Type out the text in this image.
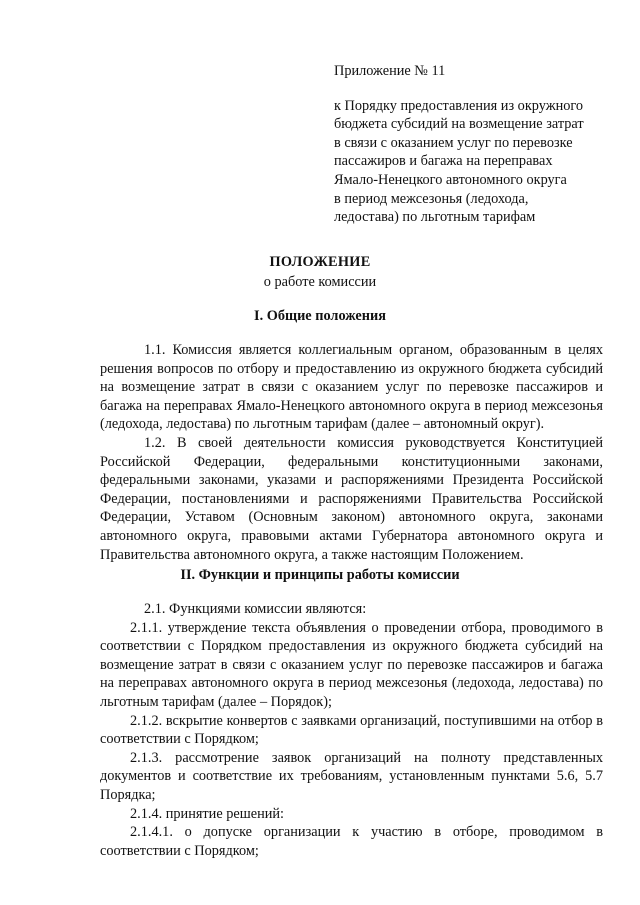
Приложение № 11

к Порядку предоставления из окружного

бюджета субсидий на возмещение затрат

в связи с оказанием услуг по перевозке

пассажиров и багажа на переправах

Ямало-Ненецкого автономного округа

в период межсезонья (ледохода,

ледостава) по льготным тарифам

ПОЛОЖЕНИЕ
о работе комиссии
I. Общие положения

1.1. Комиссия является коллегиальным органом, образованным в целях решения вопросов по отбору и предоставлению из окружного бюджета субсидий на возмещение затрат в связи с оказанием услуг по перевозке пассажиров и багажа на переправах Ямало-Ненецкого автономного округа в период межсезонья (ледохода, ледостава) по льготным тарифам (далее – автономный округ).

1.2. В своей деятельности комиссия руководствуется Конституцией Российской Федерации, федеральными конституционными законами, федеральными законами, указами и распоряжениями Президента Российской Федерации, постановлениями и распоряжениями Правительства Российской Федерации, Уставом (Основным законом) автономного округа, законами автономного округа, правовыми актами Губернатора автономного округа и Правительства автономного округа, а также настоящим Положением.

II. Функции и принципы работы комиссии

2.1. Функциями комиссии являются:

2.1.1. утверждение текста объявления о проведении отбора, проводимого в соответствии с Порядком предоставления из окружного бюджета субсидий на возмещение затрат в связи с оказанием услуг по перевозке пассажиров и багажа на переправах автономного округа в период межсезонья (ледохода, ледостава) по льготным тарифам (далее – Порядок);

2.1.2. вскрытие конвертов с заявками организаций, поступившими на отбор в соответствии с Порядком;

2.1.3. рассмотрение заявок организаций на полноту представленных документов и соответствие их требованиям, установленным пунктами 5.6, 5.7 Порядка;

2.1.4. принятие решений:

2.1.4.1. о допуске организации к участию в отборе, проводимом в соответствии с Порядком;
